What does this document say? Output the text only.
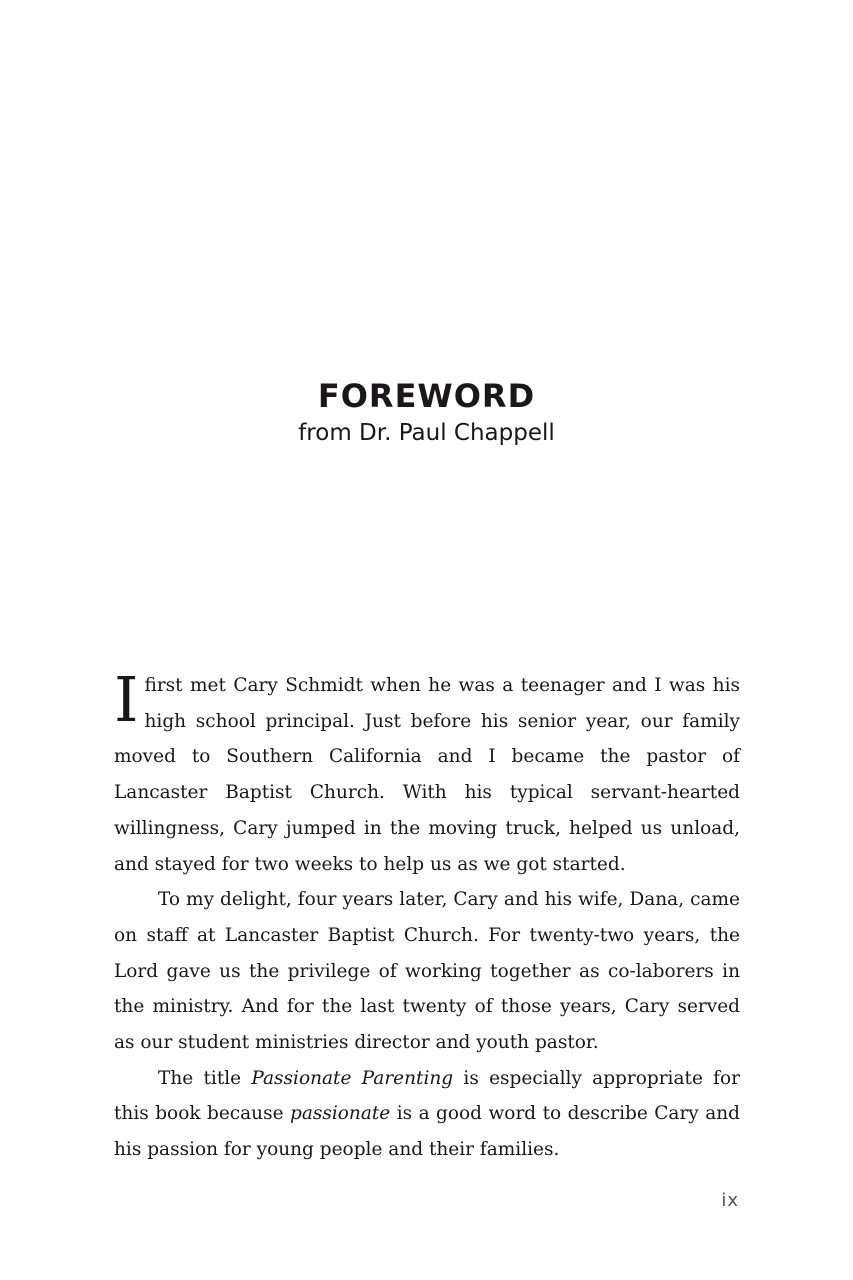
FOREWORD
from Dr. Paul Chappell

I first met Cary Schmidt when he was a teenager and I was his high school principal. Just before his senior year, our family moved to Southern California and I became the pastor of Lancaster Baptist Church. With his typical servant-hearted willingness, Cary jumped in the moving truck, helped us unload, and stayed for two weeks to help us as we got started.

To my delight, four years later, Cary and his wife, Dana, came on staff at Lancaster Baptist Church. For twenty-two years, the Lord gave us the privilege of working together as co-laborers in the ministry. And for the last twenty of those years, Cary served as our student ministries director and youth pastor.

The title Passionate Parenting is especially appropriate for this book because passionate is a good word to describe Cary and his passion for young people and their families.

ix
